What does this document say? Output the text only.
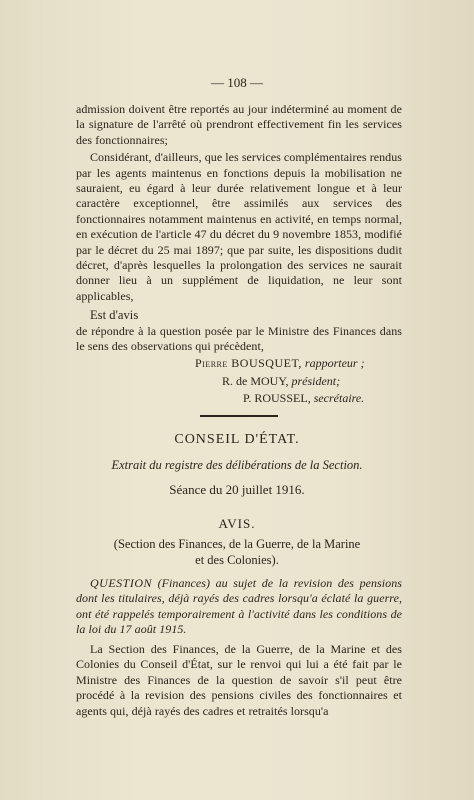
— 108 —

admission doivent être reportés au jour indéterminé au moment de la signature de l'arrêté où prendront effectivement fin les services des fonctionnaires;

Considérant, d'ailleurs, que les services complémentaires rendus par les agents maintenus en fonctions depuis la mobilisation ne sauraient, eu égard à leur durée relativement longue et à leur caractère exceptionnel, être assimilés aux services des fonctionnaires notamment maintenus en activité, en temps normal, en exécution de l'article 47 du décret du 9 novembre 1853, modifié par le décret du 25 mai 1897; que par suite, les dispositions dudit décret, d'après lesquelles la prolongation des services ne saurait donner lieu à un supplément de liquidation, ne leur sont applicables,

Est d'avis

de répondre à la question posée par le Ministre des Finances dans le sens des observations qui précèdent,

Pierre BOUSQUET, rapporteur ;
R. de MOUY, président;
P. ROUSSEL, secrétaire.
CONSEIL D'ÉTAT.
Extrait du registre des délibérations de la Section.
Séance du 20 juillet 1916.
AVIS.
(Section des Finances, de la Guerre, de la Marine
et des Colonies).

QUESTION (Finances) au sujet de la revision des pensions dont les titulaires, déjà rayés des cadres lorsqu'a éclaté la guerre, ont été rappelés temporairement à l'activité dans les conditions de la loi du 17 août 1915.

La Section des Finances, de la Guerre, de la Marine et des Colonies du Conseil d'État, sur le renvoi qui lui a été fait par le Ministre des Finances de la question de savoir s'il peut être procédé à la revision des pensions civiles des fonctionnaires et agents qui, déjà rayés des cadres et retraités lorsqu'a
